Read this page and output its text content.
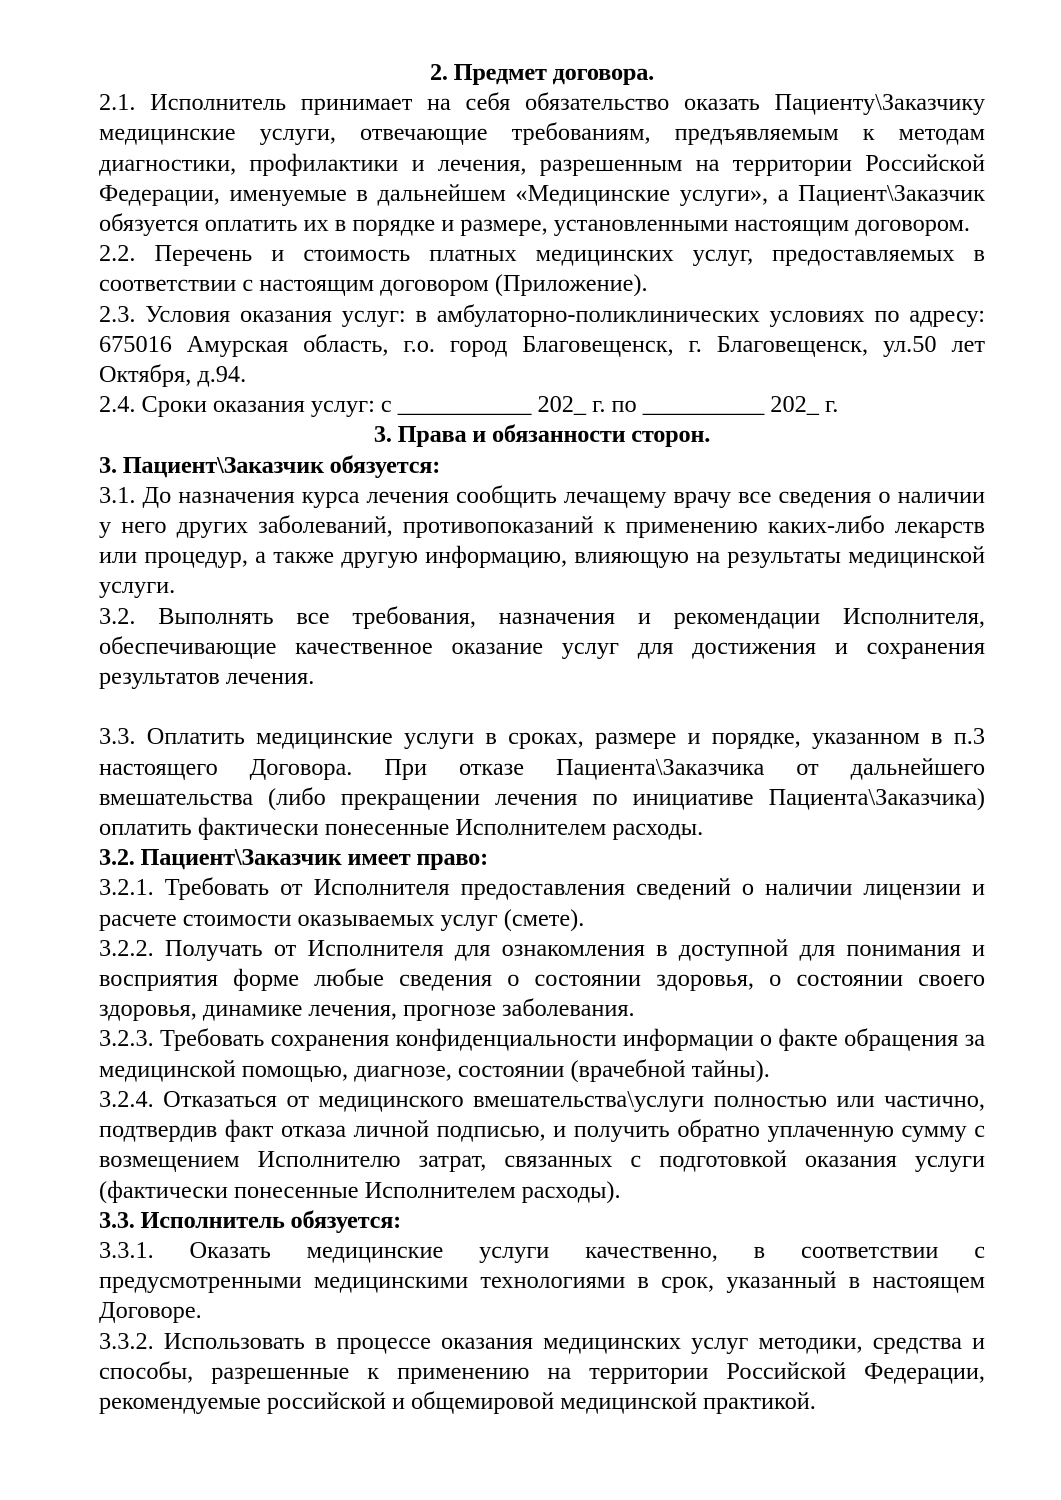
2. Предмет договора.
2.1. Исполнитель принимает на себя обязательство оказать Пациенту\Заказчику медицинские услуги, отвечающие требованиям, предъявляемым к методам диагностики, профилактики и лечения, разрешенным на территории Российской Федерации, именуемые в дальнейшем «Медицинские услуги», а Пациент\Заказчик обязуется оплатить их в порядке и размере, установленными настоящим договором.
2.2. Перечень и стоимость платных медицинских услуг, предоставляемых в соответствии с настоящим договором (Приложение).
2.3. Условия оказания услуг: в амбулаторно-поликлинических условиях по адресу: 675016 Амурская область, г.о. город Благовещенск, г. Благовещенск, ул.50 лет Октября, д.94.
2.4. Сроки оказания услуг: с ___________ 202_ г. по __________ 202_ г.
3. Права и обязанности сторон.
3. Пациент\Заказчик обязуется:
3.1. До назначения курса лечения сообщить лечащему врачу все сведения о наличии у него других заболеваний, противопоказаний к применению каких-либо лекарств или процедур, а также другую информацию, влияющую на результаты медицинской услуги.
3.2. Выполнять все требования, назначения и рекомендации Исполнителя, обеспечивающие качественное оказание услуг для достижения и сохранения результатов лечения.
3.3. Оплатить медицинские услуги в сроках, размере и порядке, указанном в п.3 настоящего Договора. При отказе Пациента\Заказчика от дальнейшего вмешательства (либо прекращении лечения по инициативе Пациента\Заказчика) оплатить фактически понесенные Исполнителем расходы.
3.2. Пациент\Заказчик имеет право:
3.2.1. Требовать от Исполнителя предоставления сведений о наличии лицензии и расчете стоимости оказываемых услуг (смете).
3.2.2. Получать от Исполнителя для ознакомления в доступной для понимания и восприятия форме любые сведения о состоянии здоровья, о состоянии своего здоровья, динамике лечения, прогнозе заболевания.
3.2.3. Требовать сохранения конфиденциальности информации о факте обращения за медицинской помощью, диагнозе, состоянии (врачебной тайны).
3.2.4. Отказаться от медицинского вмешательства\услуги полностью или частично, подтвердив факт отказа личной подписью, и получить обратно уплаченную сумму с возмещением Исполнителю затрат, связанных с подготовкой оказания услуги (фактически понесенные Исполнителем расходы).
3.3. Исполнитель обязуется:
3.3.1. Оказать медицинские услуги качественно, в соответствии с предусмотренными медицинскими технологиями в срок, указанный в настоящем Договоре.
3.3.2. Использовать в процессе оказания медицинских услуг методики, средства и способы, разрешенные к применению на территории Российской Федерации, рекомендуемые российской и общемировой медицинской практикой.
